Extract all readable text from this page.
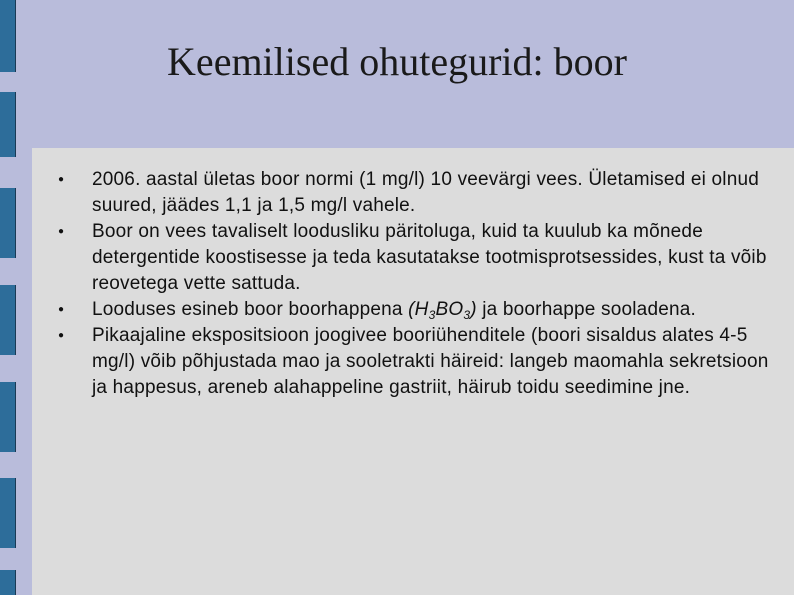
Keemilised ohutegurid: boor
● 2006. aastal ületas boor normi (1 mg/l) 10 veevärgi vees. Ületamised ei olnud suured, jäädes 1,1 ja 1,5 mg/l vahele.
● Boor on vees tavaliselt loodusliku päritoluga, kuid ta kuulub ka mõnede detergentide koostisesse ja teda kasutatakse tootmisprotsessides, kust ta võib reovetega vette sattuda.
● Looduses esineb boor boorhappena $(H_3BO_3)$ ja boorhappe sooladena.
● Pikaajaline ekspositsioon joogivee booriühenditele (boori sisaldus alates 4-5 mg/l) võib põhjustada mao ja sooletrakti häireid: langeb maomahla sekretsioon ja happesus, areneb alahappeline gastriit, häirub toidu seedimine jne.
